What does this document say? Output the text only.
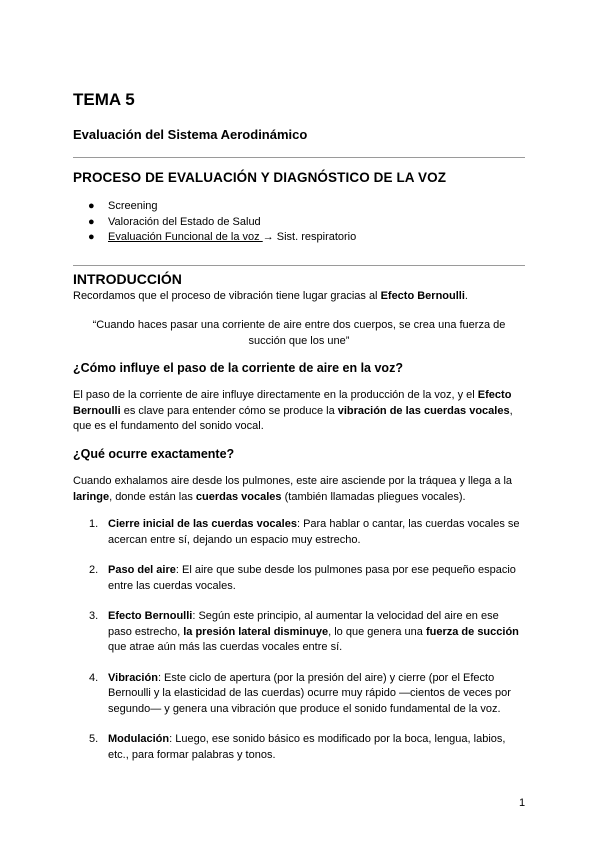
TEMA 5
Evaluación del Sistema Aerodinámico
PROCESO DE EVALUACIÓN Y DIAGNÓSTICO DE LA VOZ
● Screening
● Valoración del Estado de Salud
● Evaluación Funcional de la voz → Sist. respiratorio
INTRODUCCIÓN
Recordamos que el proceso de vibración tiene lugar gracias al Efecto Bernoulli.
“Cuando haces pasar una corriente de aire entre dos cuerpos, se crea una fuerza de
succión que los une”
¿Cómo influye el paso de la corriente de aire en la voz?
El paso de la corriente de aire influye directamente en la producción de la voz, y el Efecto Bernoulli es clave para entender cómo se produce la vibración de las cuerdas vocales, que es el fundamento del sonido vocal.
¿Qué ocurre exactamente?
Cuando exhalamos aire desde los pulmones, este aire asciende por la tráquea y llega a la laringe, donde están las cuerdas vocales (también llamadas pliegues vocales).
1. Cierre inicial de las cuerdas vocales: Para hablar o cantar, las cuerdas vocales se acercan entre sí, dejando un espacio muy estrecho.
2. Paso del aire: El aire que sube desde los pulmones pasa por ese pequeño espacio entre las cuerdas vocales.
3. Efecto Bernoulli: Según este principio, al aumentar la velocidad del aire en ese paso estrecho, la presión lateral disminuye, lo que genera una fuerza de succión que atrae aún más las cuerdas vocales entre sí.
4. Vibración: Este ciclo de apertura (por la presión del aire) y cierre (por el Efecto Bernoulli y la elasticidad de las cuerdas) ocurre muy rápido —cientos de veces por segundo— y genera una vibración que produce el sonido fundamental de la voz.
5. Modulación: Luego, ese sonido básico es modificado por la boca, lengua, labios, etc., para formar palabras y tonos.
1
